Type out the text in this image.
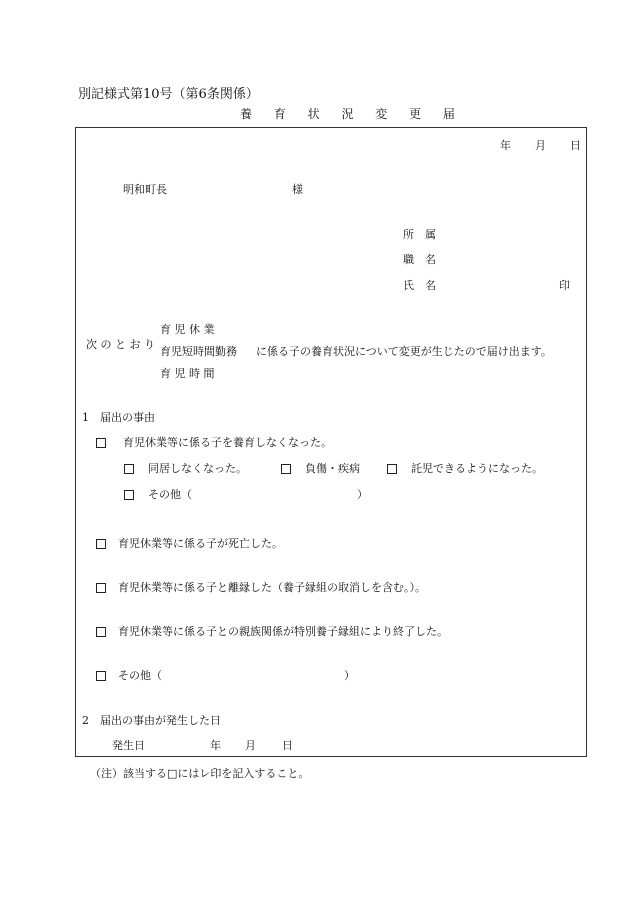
別記様式第10号（第6条関係）
養 育 状 況 変 更 届
年 月 日
明和町長	様
所　属
職　名
氏　名	印
次 の と お り
育 児 休 業
育児短時間勤務
育 児 時 間
に係る子の養育状況について変更が生じたので届け出ます。
1　届出の事由
育児休業等に係る子を養育しなくなった。
同居しなくなった。	負傷・疾病	託児できるようになった。
その他（	）
育児休業等に係る子が死亡した。
育児休業等に係る子と離縁した（養子縁組の取消しを含む。）。
育児休業等に係る子との親族関係が特別養子縁組により終了した。
その他（	）
2　届出の事由が発生した日
発生日	年 月 日
（注）該当する□にはレ印を記入すること。
